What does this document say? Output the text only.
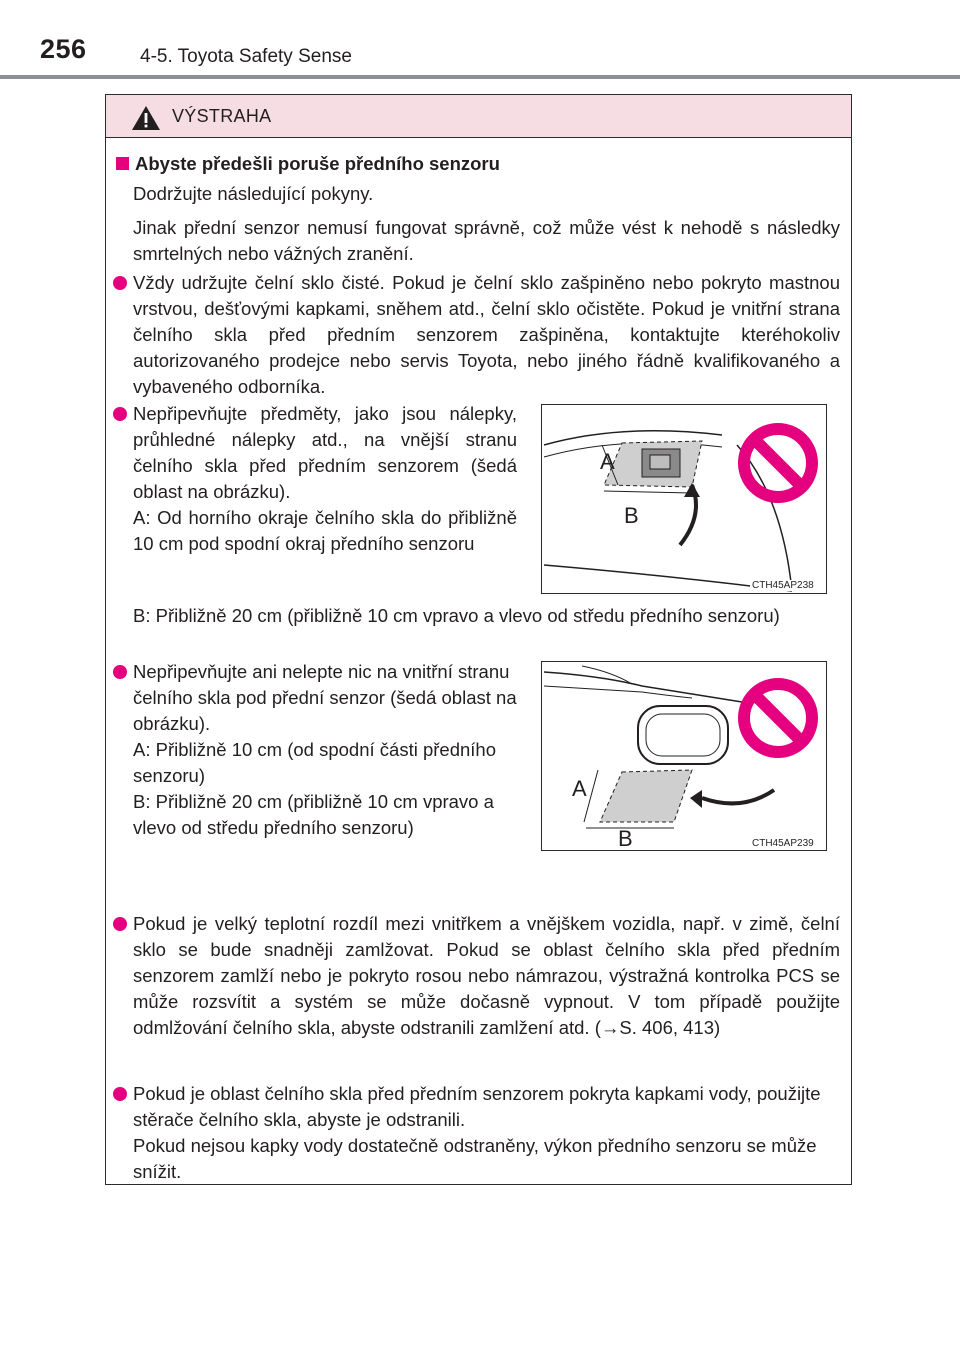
256	4-5. Toyota Safety Sense
VÝSTRAHA
Abyste předešli poruše předního senzoru
Dodržujte následující pokyny.
Jinak přední senzor nemusí fungovat správně, což může vést k nehodě s následky smrtelných nebo vážných zranění.
Vždy udržujte čelní sklo čisté. Pokud je čelní sklo zašpiněno nebo pokryto mastnou vrstvou, dešťovými kapkami, sněhem atd., čelní sklo očistěte. Pokud je vnitřní strana čelního skla před předním senzorem zašpiněna, kontaktujte kteréhokoliv autorizovaného prodejce nebo servis Toyota, nebo jiného řádně kvalifikovaného a vybaveného odborníka.
Nepřipevňujte předměty, jako jsou nálepky, průhledné nálepky atd., na vnější stranu čelního skla před předním senzorem (šedá oblast na obrázku).
A: Od horního okraje čelního skla do přibližně 10 cm pod spodní okraj předního senzoru
B: Přibližně 20 cm (přibližně 10 cm vpravo a vlevo od středu předního senzoru)
Nepřipevňujte ani nelepte nic na vnitřní stranu čelního skla pod přední senzor (šedá oblast na obrázku).
A: Přibližně 10 cm (od spodní části předního senzoru)
B: Přibližně 20 cm (přibližně 10 cm vpravo a vlevo od středu předního senzoru)
Pokud je velký teplotní rozdíl mezi vnitřkem a vnějškem vozidla, např. v zimě, čelní sklo se bude snadněji zamlžovat. Pokud se oblast čelního skla před předním senzorem zamlží nebo je pokryto rosou nebo námrazou, výstražná kontrolka PCS se může rozsvítit a systém se může dočasně vypnout. V tom případě použijte odmlžování čelního skla, abyste odstranili zamlžení atd. (→S. 406, 413)
Pokud je oblast čelního skla před předním senzorem pokryta kapkami vody, použijte stěrače čelního skla, abyste je odstranili.
Pokud nejsou kapky vody dostatečně odstraněny, výkon předního senzoru se může snížit.
A
B
CTH45AP238
A
B	CTH45AP239
